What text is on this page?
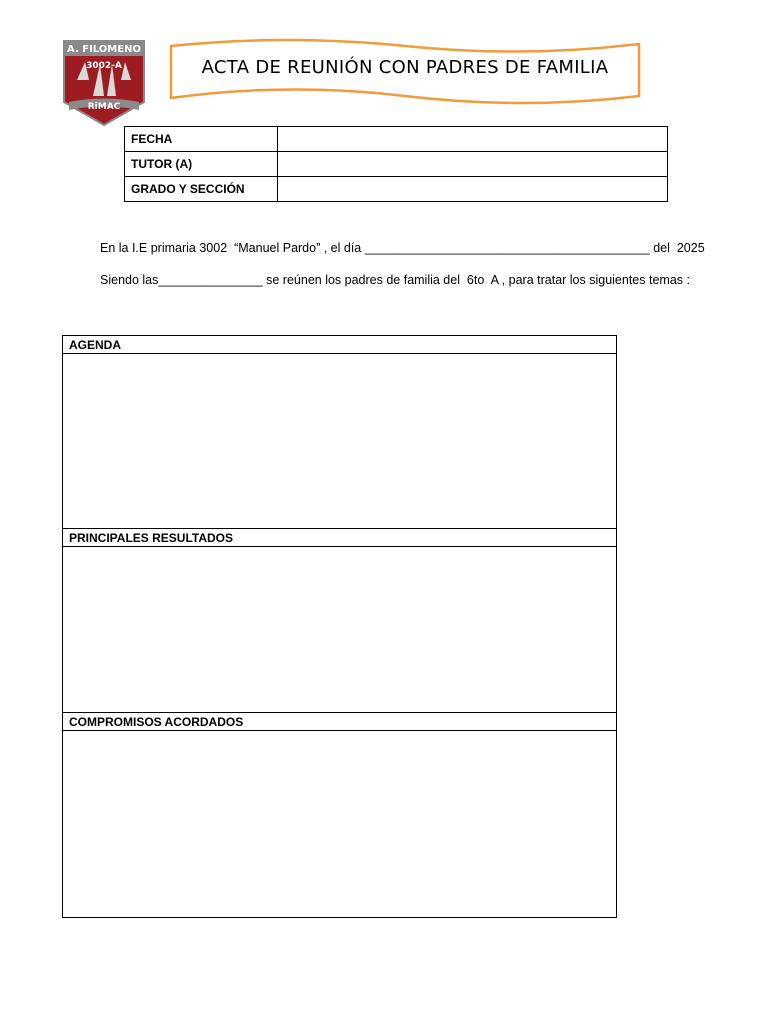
A. FILOMENO
3002-A
RiMAC
ACTA DE REUNIÓN CON PADRES DE FAMILIA
FECHA	
TUTOR (A)	
GRADO Y SECCIÓN	
En la I.E primaria 3002  “Manuel Pardo” , el día _________________________________________ del  2025
Siendo las_______________ se reúnen los padres de familia del  6to  A , para tratar los siguientes temas :
AGENDA
PRINCIPALES RESULTADOS
COMPROMISOS ACORDADOS
